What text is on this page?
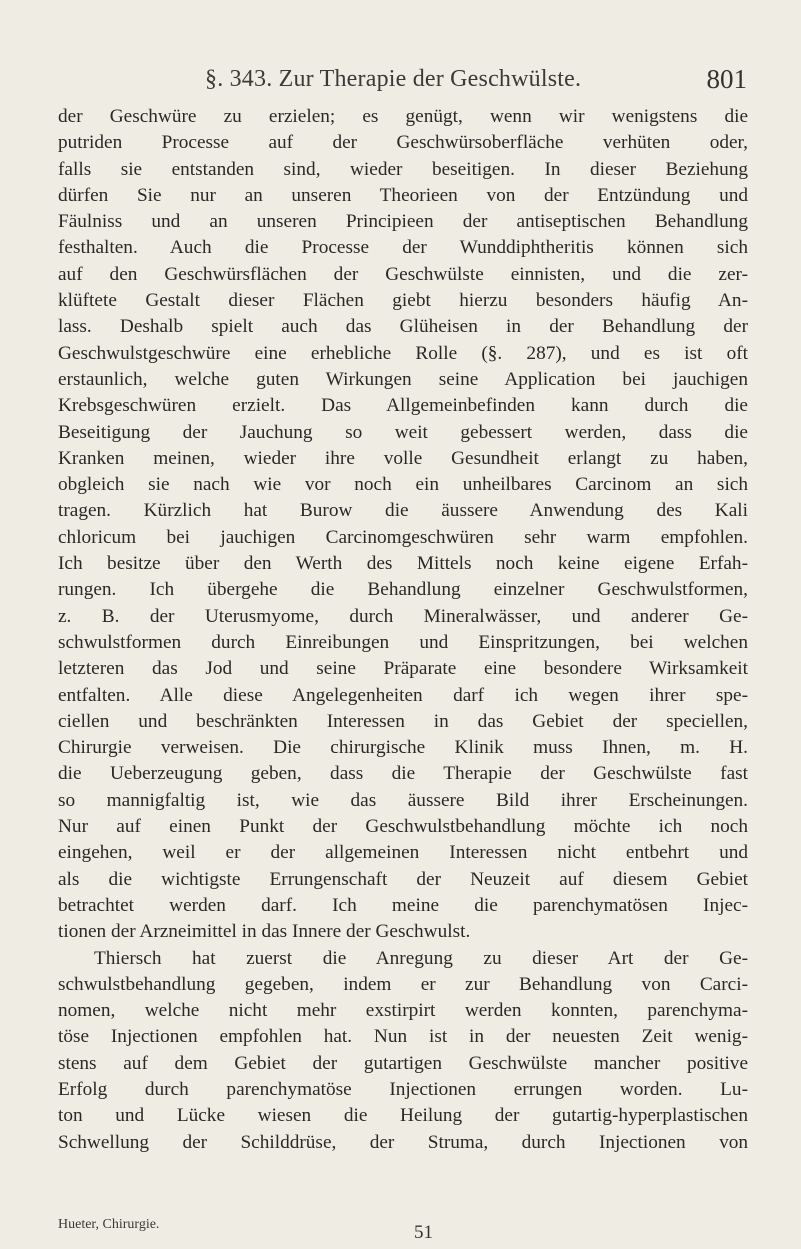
§. 343. Zur Therapie der Geschwülste.	801
der Geschwüre zu erzielen; es genügt, wenn wir wenigstens die
putriden Processe auf der Geschwürsoberfläche verhüten oder,
falls sie entstanden sind, wieder beseitigen. In dieser Beziehung
dürfen Sie nur an unseren Theorieen von der Entzündung und
Fäulniss und an unseren Principieen der antiseptischen Behandlung
festhalten. Auch die Processe der Wunddiphtheritis können sich
auf den Geschwürsflächen der Geschwülste einnisten, und die zer-
klüftete Gestalt dieser Flächen giebt hierzu besonders häufig An-
lass. Deshalb spielt auch das Glüheisen in der Behandlung der
Geschwulstgeschwüre eine erhebliche Rolle (§. 287), und es ist oft
erstaunlich, welche guten Wirkungen seine Application bei jauchigen
Krebsgeschwüren erzielt. Das Allgemeinbefinden kann durch die
Beseitigung der Jauchung so weit gebessert werden, dass die
Kranken meinen, wieder ihre volle Gesundheit erlangt zu haben,
obgleich sie nach wie vor noch ein unheilbares Carcinom an sich
tragen. Kürzlich hat Burow die äussere Anwendung des Kali
chloricum bei jauchigen Carcinomgeschwüren sehr warm empfohlen.
Ich besitze über den Werth des Mittels noch keine eigene Erfah-
rungen. Ich übergehe die Behandlung einzelner Geschwulstformen,
z. B. der Uterusmyome, durch Mineralwässer, und anderer Ge-
schwulstformen durch Einreibungen und Einspritzungen, bei welchen
letzteren das Jod und seine Präparate eine besondere Wirksamkeit
entfalten. Alle diese Angelegenheiten darf ich wegen ihrer spe-
ciellen und beschränkten Interessen in das Gebiet der speciellen,
Chirurgie verweisen. Die chirurgische Klinik muss Ihnen, m. H.
die Ueberzeugung geben, dass die Therapie der Geschwülste fast
so mannigfaltig ist, wie das äussere Bild ihrer Erscheinungen.
Nur auf einen Punkt der Geschwulstbehandlung möchte ich noch
eingehen, weil er der allgemeinen Interessen nicht entbehrt und
als die wichtigste Errungenschaft der Neuzeit auf diesem Gebiet
betrachtet werden darf. Ich meine die parenchymatösen Injec-
tionen der Arzneimittel in das Innere der Geschwulst.
Thiersch hat zuerst die Anregung zu dieser Art der Ge-
schwulstbehandlung gegeben, indem er zur Behandlung von Carci-
nomen, welche nicht mehr exstirpirt werden konnten, parenchyma-
töse Injectionen empfohlen hat. Nun ist in der neuesten Zeit wenig-
stens auf dem Gebiet der gutartigen Geschwülste mancher positive
Erfolg durch parenchymatöse Injectionen errungen worden. Lu-
ton und Lücke wiesen die Heilung der gutartig-hyperplastischen
Schwellung der Schilddrüse, der Struma, durch Injectionen von
Hueter, Chirurgie.	51
